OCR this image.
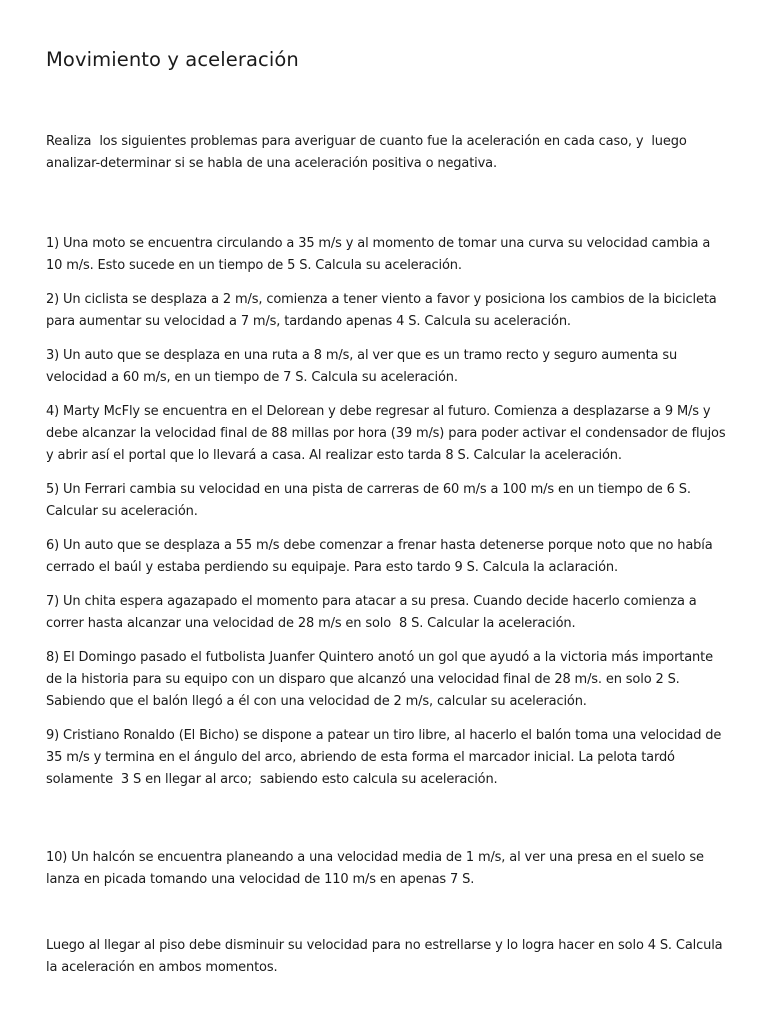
Movimiento y aceleración

Realiza  los siguientes problemas para averiguar de cuanto fue la aceleración en cada caso, y  luego analizar-determinar si se habla de una aceleración positiva o negativa.

1) Una moto se encuentra circulando a 35 m/s y al momento de tomar una curva su velocidad cambia a 10 m/s. Esto sucede en un tiempo de 5 S. Calcula su aceleración.
2) Un ciclista se desplaza a 2 m/s, comienza a tener viento a favor y posiciona los cambios de la bicicleta para aumentar su velocidad a 7 m/s, tardando apenas 4 S. Calcula su aceleración.
3) Un auto que se desplaza en una ruta a 8 m/s, al ver que es un tramo recto y seguro aumenta su velocidad a 60 m/s, en un tiempo de 7 S. Calcula su aceleración.
4) Marty McFly se encuentra en el Delorean y debe regresar al futuro. Comienza a desplazarse a 9 M/s y debe alcanzar la velocidad final de 88 millas por hora (39 m/s) para poder activar el condensador de flujos y abrir así el portal que lo llevará a casa. Al realizar esto tarda 8 S. Calcular la aceleración.
5) Un Ferrari cambia su velocidad en una pista de carreras de 60 m/s a 100 m/s en un tiempo de 6 S. Calcular su aceleración.
6) Un auto que se desplaza a 55 m/s debe comenzar a frenar hasta detenerse porque noto que no había cerrado el baúl y estaba perdiendo su equipaje. Para esto tardo 9 S. Calcula la aclaración.
7) Un chita espera agazapado el momento para atacar a su presa. Cuando decide hacerlo comienza a correr hasta alcanzar una velocidad de 28 m/s en solo  8 S. Calcular la aceleración.
8) El Domingo pasado el futbolista Juanfer Quintero anotó un gol que ayudó a la victoria más importante de la historia para su equipo con un disparo que alcanzó una velocidad final de 28 m/s. en solo 2 S. Sabiendo que el balón llegó a él con una velocidad de 2 m/s, calcular su aceleración.
9) Cristiano Ronaldo (El Bicho) se dispone a patear un tiro libre, al hacerlo el balón toma una velocidad de 35 m/s y termina en el ángulo del arco, abriendo de esta forma el marcador inicial. La pelota tardó solamente  3 S en llegar al arco;  sabiendo esto calcula su aceleración.

10) Un halcón se encuentra planeando a una velocidad media de 1 m/s, al ver una presa en el suelo se lanza en picada tomando una velocidad de 110 m/s en apenas 7 S.

Luego al llegar al piso debe disminuir su velocidad para no estrellarse y lo logra hacer en solo 4 S. Calcula la aceleración en ambos momentos.
